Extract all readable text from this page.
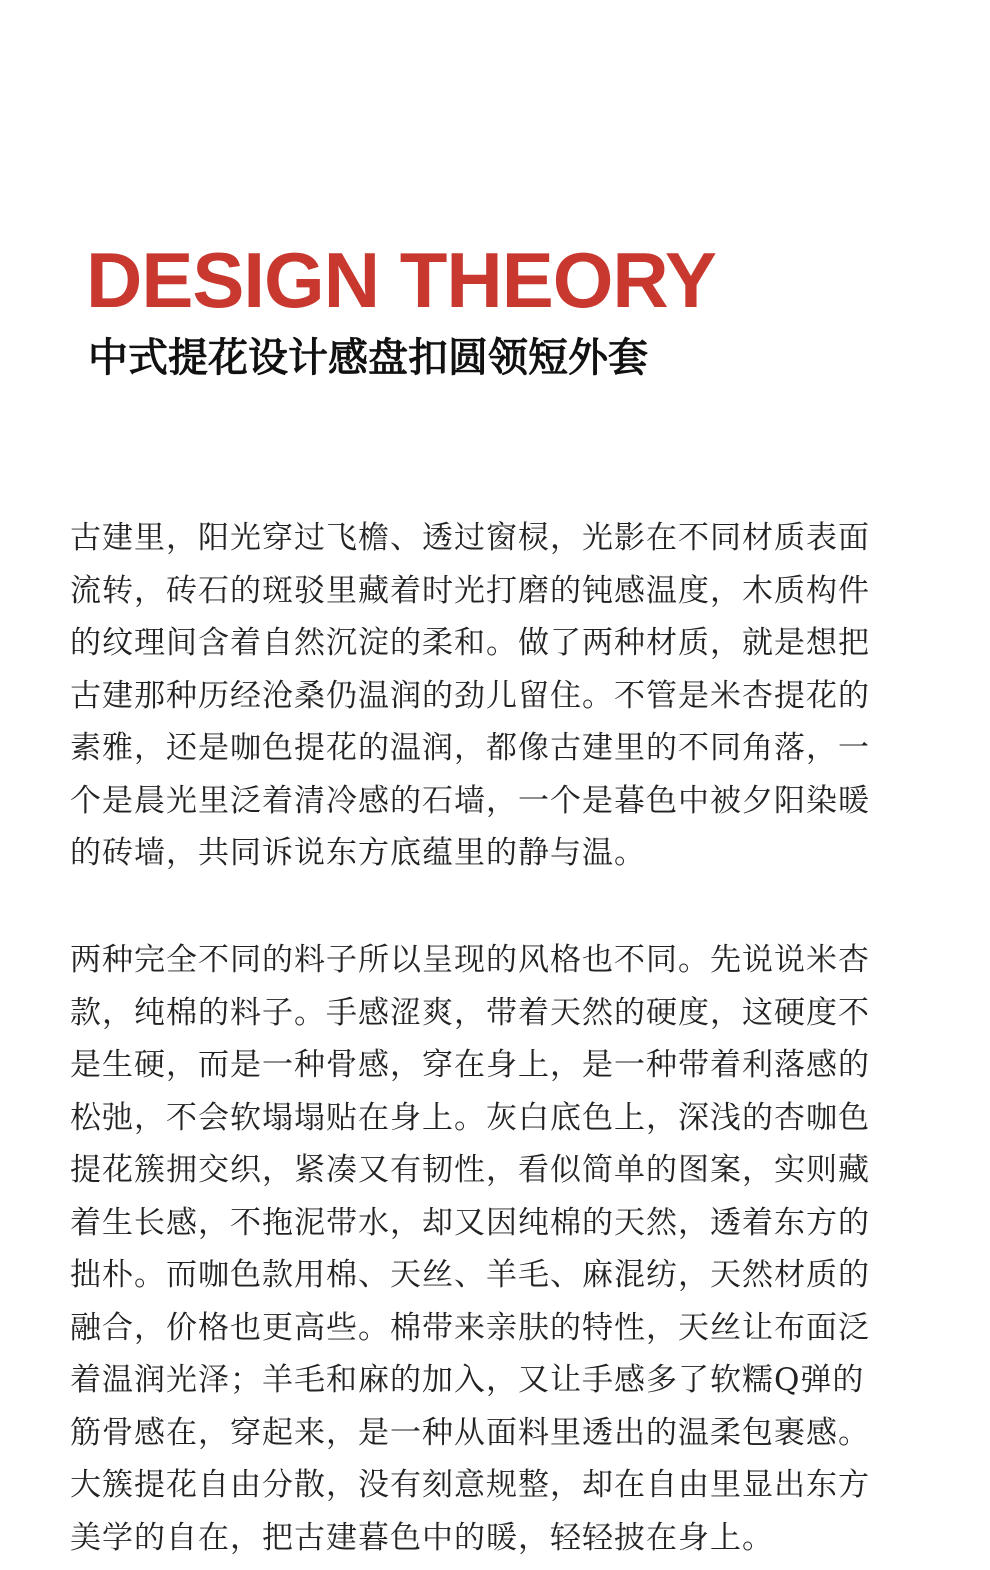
DESIGN THEORY
中式提花设计感盘扣圆领短外套

古建里，阳光穿过飞檐、透过窗棂，光影在不同材质表面
流转，砖石的斑驳里藏着时光打磨的钝感温度，木质构件
的纹理间含着自然沉淀的柔和。做了两种材质，就是想把
古建那种历经沧桑仍温润的劲儿留住。不管是米杏提花的
素雅，还是咖色提花的温润，都像古建里的不同角落，一
个是晨光里泛着清冷感的石墙，一个是暮色中被夕阳染暖
的砖墙，共同诉说东方底蕴里的静与温。

两种完全不同的料子所以呈现的风格也不同。先说说米杏
款，纯棉的料子。手感涩爽，带着天然的硬度，这硬度不
是生硬，而是一种骨感，穿在身上，是一种带着利落感的
松弛，不会软塌塌贴在身上。灰白底色上，深浅的杏咖色
提花簇拥交织，紧凑又有韧性，看似简单的图案，实则藏
着生长感，不拖泥带水，却又因纯棉的天然，透着东方的
拙朴。而咖色款用棉、天丝、羊毛、麻混纺，天然材质的
融合，价格也更高些。棉带来亲肤的特性，天丝让布面泛
着温润光泽；羊毛和麻的加入，又让手感多了软糯Q弹的
筋骨感在，穿起来，是一种从面料里透出的温柔包裹感。
大簇提花自由分散，没有刻意规整，却在自由里显出东方
美学的自在，把古建暮色中的暖，轻轻披在身上。
